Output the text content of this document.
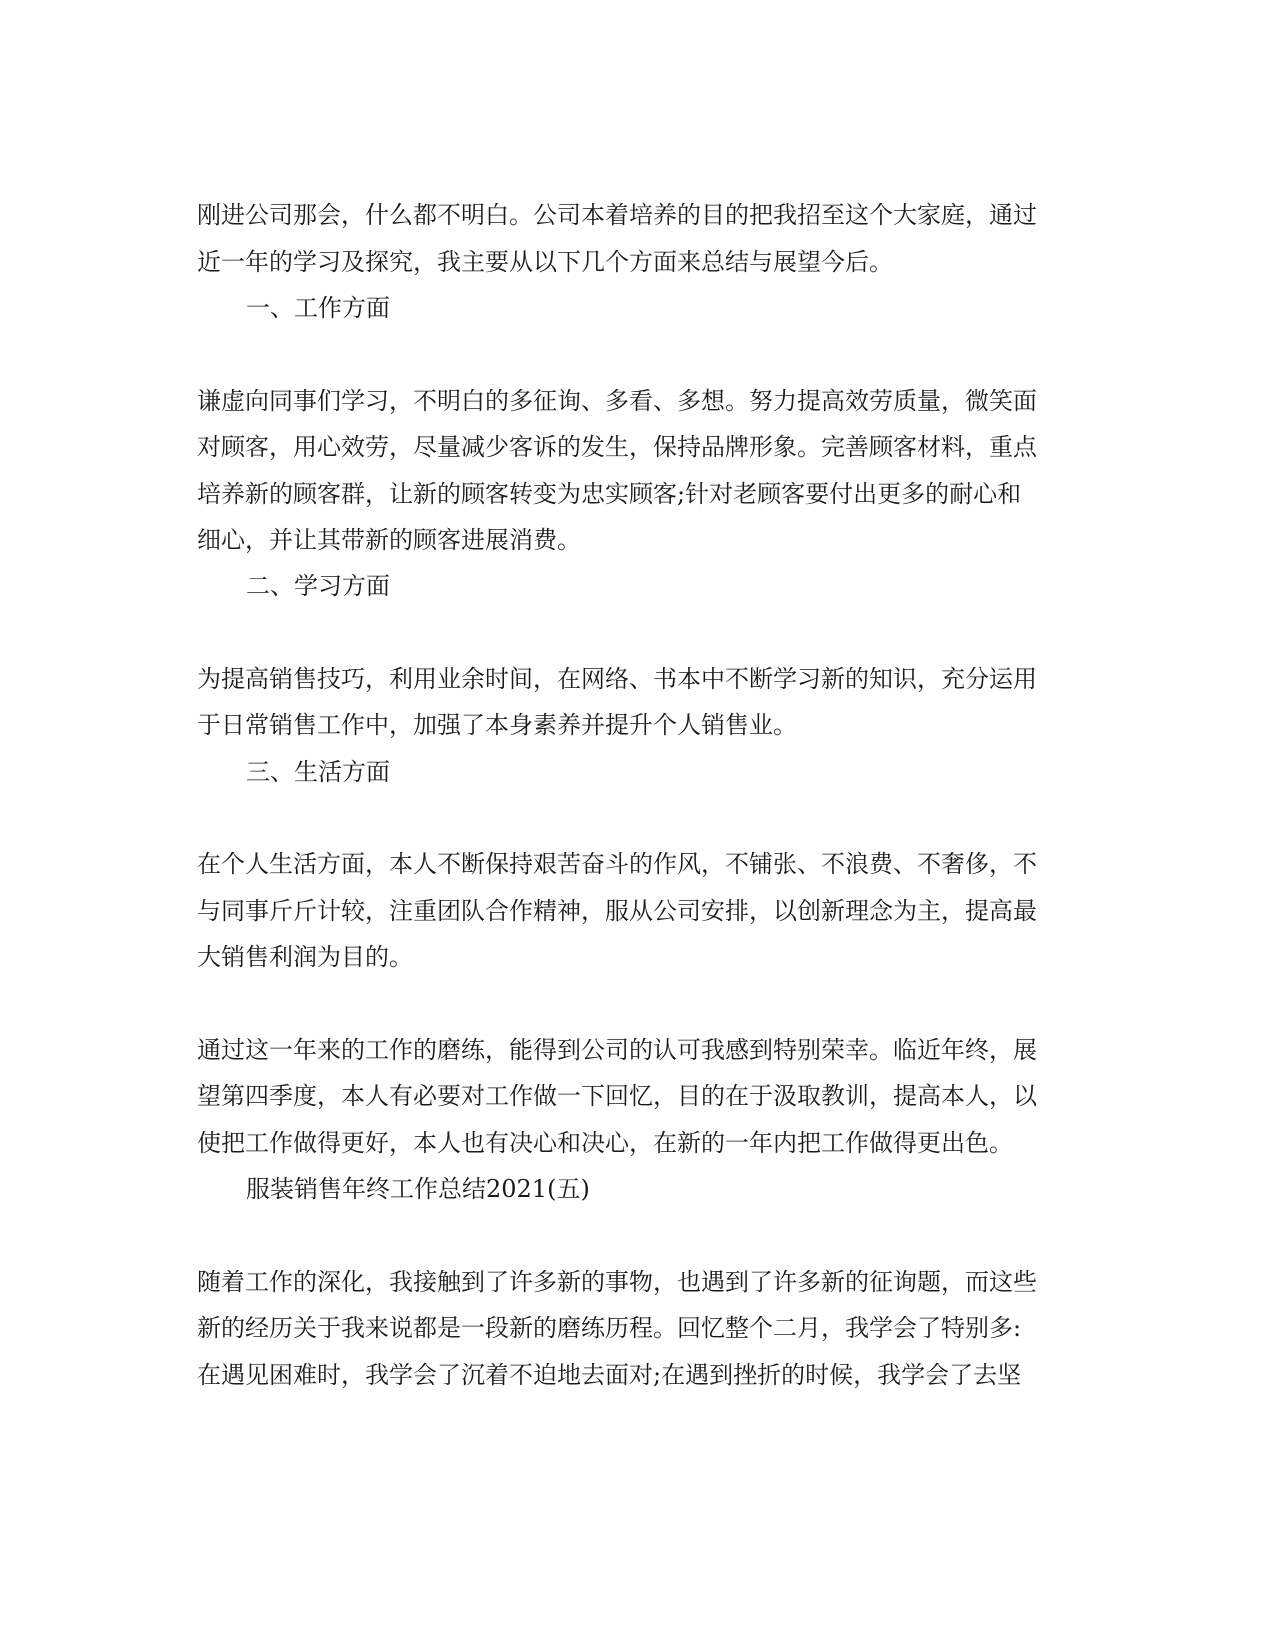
刚进公司那会，什么都不明白。公司本着培养的目的把我招至这个大家庭，通过
近一年的学习及探究，我主要从以下几个方面来总结与展望今后。
一、工作方面
谦虚向同事们学习，不明白的多征询、多看、多想。努力提高效劳质量，微笑面
对顾客，用心效劳，尽量减少客诉的发生，保持品牌形象。完善顾客材料，重点
培养新的顾客群，让新的顾客转变为忠实顾客;针对老顾客要付出更多的耐心和
细心，并让其带新的顾客进展消费。
二、学习方面
为提高销售技巧，利用业余时间，在网络、书本中不断学习新的知识，充分运用
于日常销售工作中，加强了本身素养并提升个人销售业。
三、生活方面
在个人生活方面，本人不断保持艰苦奋斗的作风，不铺张、不浪费、不奢侈，不
与同事斤斤计较，注重团队合作精神，服从公司安排，以创新理念为主，提高最
大销售利润为目的。
通过这一年来的工作的磨练，能得到公司的认可我感到特别荣幸。临近年终，展
望第四季度，本人有必要对工作做一下回忆，目的在于汲取教训，提高本人，以
使把工作做得更好，本人也有决心和决心，在新的一年内把工作做得更出色。
服装销售年终工作总结2021(五)
随着工作的深化，我接触到了许多新的事物，也遇到了许多新的征询题，而这些
新的经历关于我来说都是一段新的磨练历程。回忆整个二月，我学会了特别多:
在遇见困难时，我学会了沉着不迫地去面对;在遇到挫折的时候，我学会了去坚
